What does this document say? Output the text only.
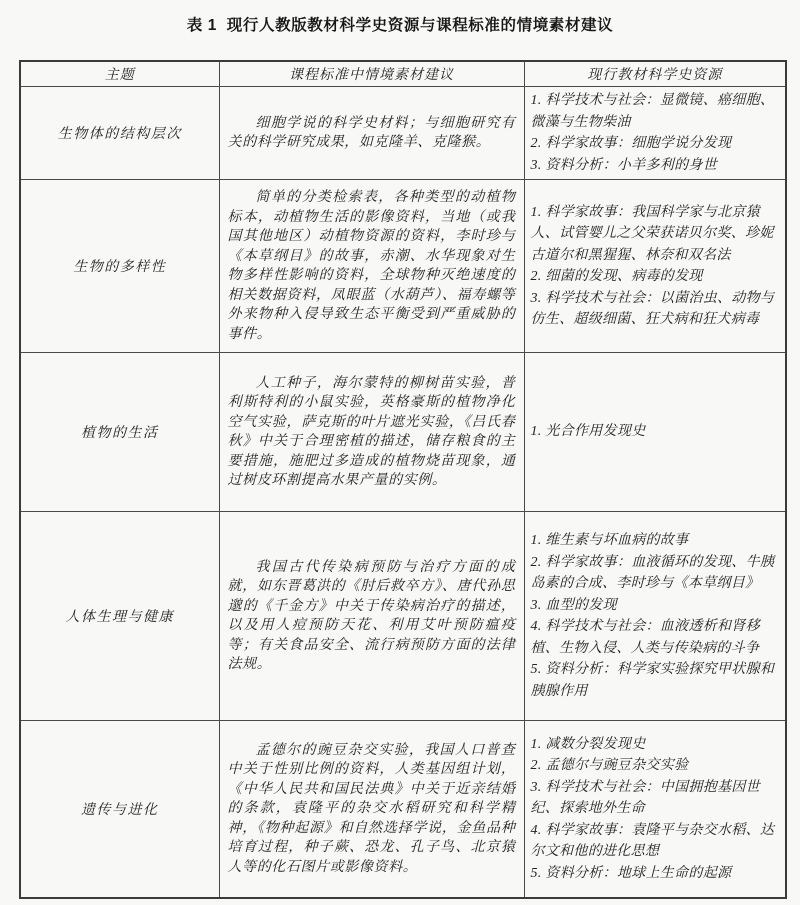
表 1  现行人教版教材科学史资源与课程标准的情境素材建议
主题	课程标准中情境素材建议	现行教材科学史资源
生物体的结构层次	细胞学说的科学史材料；与细胞研究有关的科学研究成果，如克隆羊、克隆猴。	1. 科学技术与社会：显微镜、癌细胞、微藻与生物柴油
2. 科学家故事：细胞学说分发现
3. 资料分析：小羊多利的身世

生物的多样性	简单的分类检索表，各种类型的动植物标本，动植物生活的影像资料，当地（或我国其他地区）动植物资源的资料，李时珍与《本草纲目》的故事，赤潮、水华现象对生物多样性影响的资料，全球物种灭绝速度的相关数据资料，凤眼蓝（水葫芦）、福寿螺等外来物种入侵导致生态平衡受到严重威胁的事件。	1. 科学家故事：我国科学家与北京猿人、试管婴儿之父荣获诺贝尔奖、珍妮古道尔和黑猩猩、林奈和双名法
2. 细菌的发现、病毒的发现
3. 科学技术与社会：以菌治虫、动物与仿生、超级细菌、狂犬病和狂犬病毒

植物的生活	人工种子，海尔蒙特的柳树苗实验，普利斯特利的小鼠实验，英格豪斯的植物净化空气实验，萨克斯的叶片遮光实验，《吕氏春秋》中关于合理密植的描述，储存粮食的主要措施，施肥过多造成的植物烧苗现象，通过树皮环割提高水果产量的实例。	1. 光合作用发现史

人体生理与健康	我国古代传染病预防与治疗方面的成就，如东晋葛洪的《肘后救卒方》、唐代孙思邈的《千金方》中关于传染病治疗的描述，以及用人痘预防天花、利用艾叶预防瘟疫等；有关食品安全、流行病预防方面的法律法规。	1. 维生素与坏血病的故事
2. 科学家故事：血液循环的发现、牛胰岛素的合成、李时珍与《本草纲目》
3. 血型的发现
4. 科学技术与社会：血液透析和肾移植、生物入侵、人类与传染病的斗争
5. 资料分析：科学家实验探究甲状腺和胰腺作用

遗传与进化	孟德尔的豌豆杂交实验，我国人口普查中关于性别比例的资料，人类基因组计划，《中华人民共和国民法典》中关于近亲结婚的条款，袁隆平的杂交水稻研究和科学精神，《物种起源》和自然选择学说，金鱼品种培育过程，种子蕨、恐龙、孔子鸟、北京猿人等的化石图片或影像资料。	1. 减数分裂发现史
2. 孟德尔与豌豆杂交实验
3. 科学技术与社会：中国拥抱基因世纪、探索地外生命
4. 科学家故事：袁隆平与杂交水稻、达尔文和他的进化思想
5. 资料分析：地球上生命的起源
